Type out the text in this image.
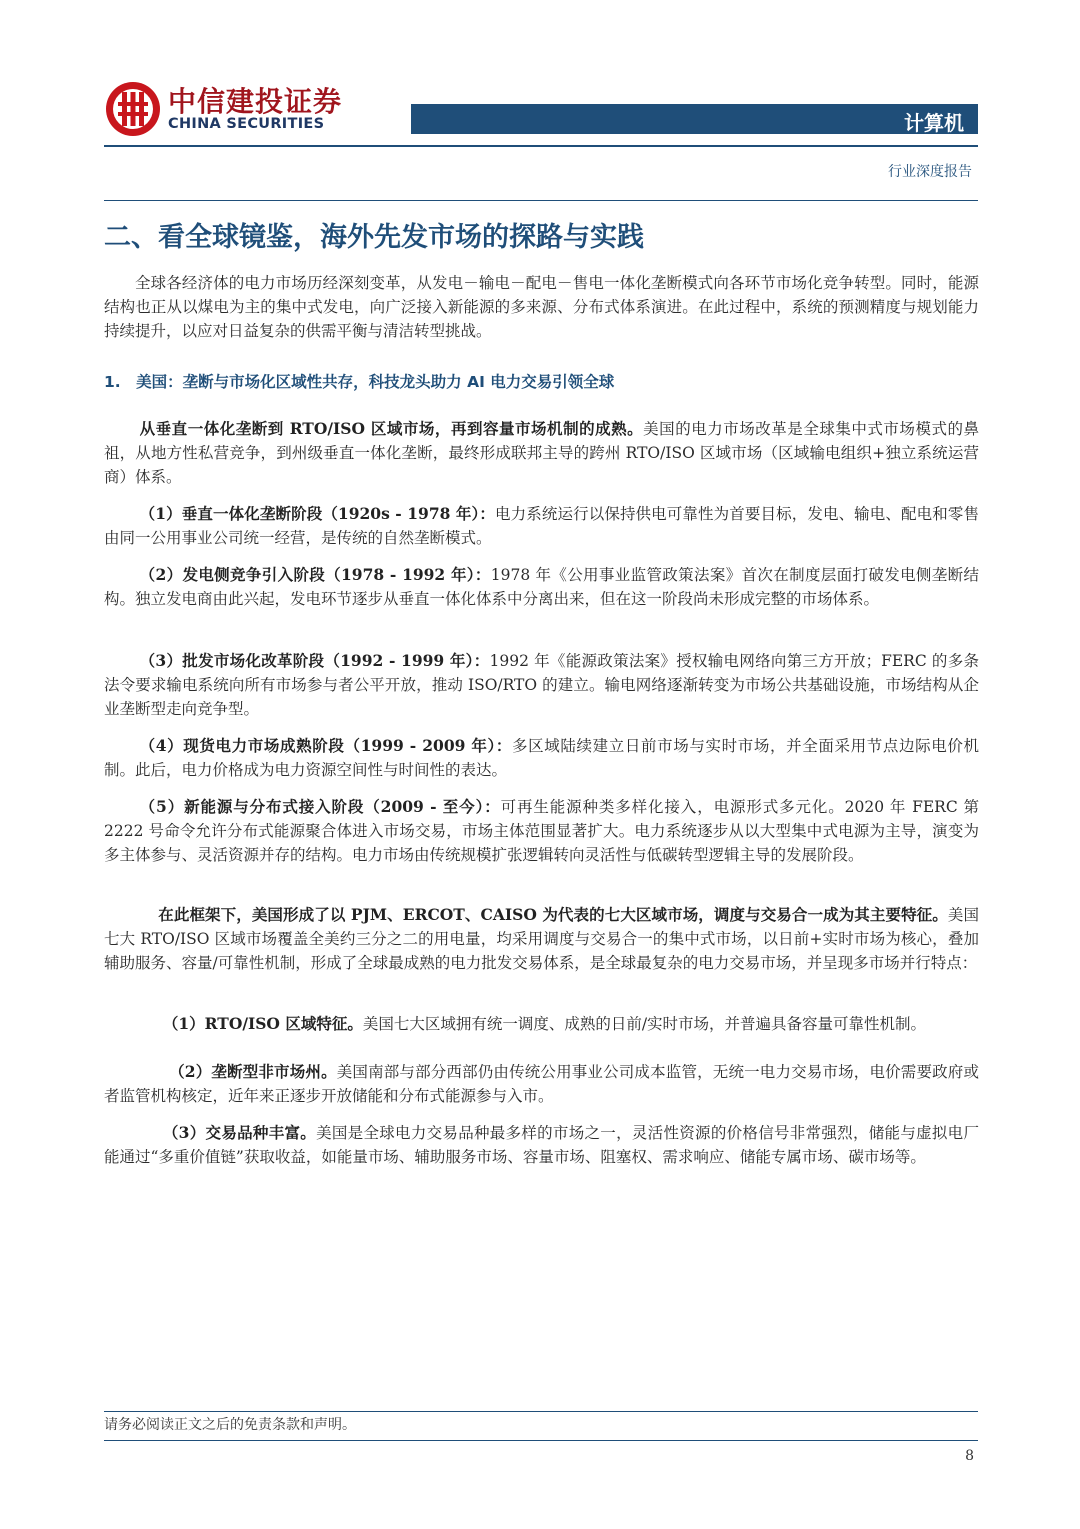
中信建投证券
CHINA SECURITIES	计算机
行业深度报告
二、看全球镜鉴，海外先发市场的探路与实践
全球各经济体的电力市场历经深刻变革，从发电－输电－配电－售电一体化垄断模式向各环节市场化竞争转型。同时，能源结构也正从以煤电为主的集中式发电，向广泛接入新能源的多来源、分布式体系演进。在此过程中，系统的预测精度与规划能力持续提升，以应对日益复杂的供需平衡与清洁转型挑战。
1.　美国：垄断与市场化区域性共存，科技龙头助力 AI 电力交易引领全球
从垂直一体化垄断到 RTO/ISO 区域市场，再到容量市场机制的成熟。美国的电力市场改革是全球集中式市场模式的鼻祖，从地方性私营竞争，到州级垂直一体化垄断，最终形成联邦主导的跨州 RTO/ISO 区域市场（区域输电组织+独立系统运营商）体系。
（1）垂直一体化垄断阶段（1920s - 1978 年）：电力系统运行以保持供电可靠性为首要目标，发电、输电、配电和零售由同一公用事业公司统一经营，是传统的自然垄断模式。
（2）发电侧竞争引入阶段（1978 - 1992 年）：1978 年《公用事业监管政策法案》首次在制度层面打破发电侧垄断结构。独立发电商由此兴起，发电环节逐步从垂直一体化体系中分离出来，但在这一阶段尚未形成完整的市场体系。
（3）批发市场化改革阶段（1992 - 1999 年）：1992 年《能源政策法案》授权输电网络向第三方开放；FERC 的多条法令要求输电系统向所有市场参与者公平开放，推动 ISO/RTO 的建立。输电网络逐渐转变为市场公共基础设施，市场结构从企业垄断型走向竞争型。
（4）现货电力市场成熟阶段（1999 - 2009 年）：多区域陆续建立日前市场与实时市场，并全面采用节点边际电价机制。此后，电力价格成为电力资源空间性与时间性的表达。
（5）新能源与分布式接入阶段（2009 - 至今）：可再生能源种类多样化接入，电源形式多元化。2020 年 FERC 第 2222 号命令允许分布式能源聚合体进入市场交易，市场主体范围显著扩大。电力系统逐步从以大型集中式电源为主导，演变为多主体参与、灵活资源并存的结构。电力市场由传统规模扩张逻辑转向灵活性与低碳转型逻辑主导的发展阶段。
在此框架下，美国形成了以 PJM、ERCOT、CAISO 为代表的七大区域市场，调度与交易合一成为其主要特征。美国七大 RTO/ISO 区域市场覆盖全美约三分之二的用电量，均采用调度与交易合一的集中式市场，以日前+实时市场为核心，叠加辅助服务、容量/可靠性机制，形成了全球最成熟的电力批发交易体系，是全球最复杂的电力交易市场，并呈现多市场并行特点：
（1）RTO/ISO 区域特征。美国七大区域拥有统一调度、成熟的日前/实时市场，并普遍具备容量可靠性机制。
（2）垄断型非市场州。美国南部与部分西部仍由传统公用事业公司成本监管，无统一电力交易市场，电价需要政府或者监管机构核定，近年来正逐步开放储能和分布式能源参与入市。
（3）交易品种丰富。美国是全球电力交易品种最多样的市场之一，灵活性资源的价格信号非常强烈，储能与虚拟电厂能通过“多重价值链”获取收益，如能量市场、辅助服务市场、容量市场、阻塞权、需求响应、储能专属市场、碳市场等。
请务必阅读正文之后的免责条款和声明。
8
